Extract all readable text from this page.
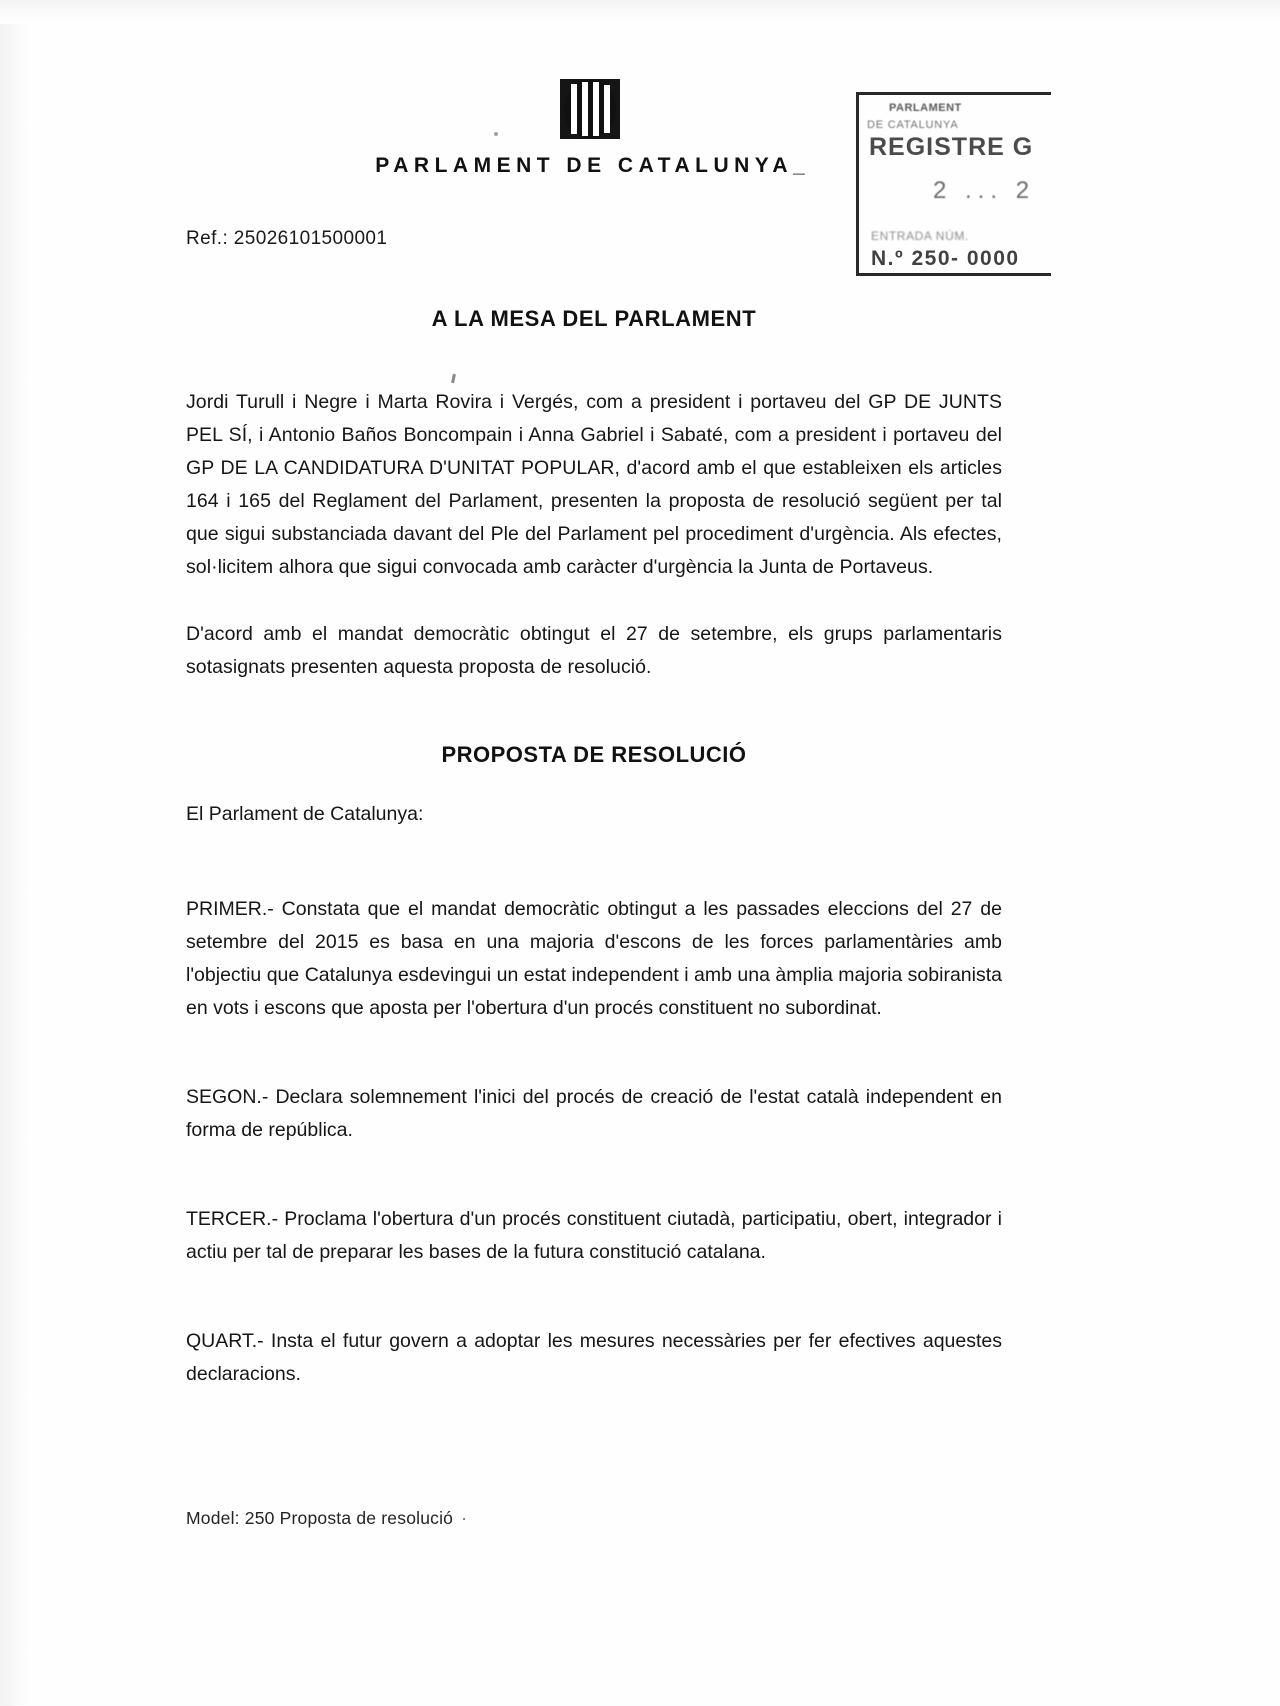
PARLAMENT DE CATALUNYA_
PARLAMENT
DE CATALUNYA
REGISTRE G
2 ... 2
ENTRADA NÚM.
N.º 250- 0000
Ref.: 25026101500001
A LA MESA DEL PARLAMENT

Jordi Turull i Negre i Marta Rovira i Vergés, com a president i portaveu del GP DE JUNTS PEL SÍ, i Antonio Baños Boncompain i Anna Gabriel i Sabaté, com a president i portaveu del GP DE LA CANDIDATURA D'UNITAT POPULAR, d'acord amb el que estableixen els articles 164 i 165 del Reglament del Parlament, presenten la proposta de resolució següent per tal que sigui substanciada davant del Ple del Parlament pel procediment d'urgència. Als efectes, sol·licitem alhora que sigui convocada amb caràcter d'urgència la Junta de Portaveus.

D'acord amb el mandat democràtic obtingut el 27 de setembre, els grups parlamentaris sotasignats presenten aquesta proposta de resolució.

PROPOSTA DE RESOLUCIÓ

El Parlament de Catalunya:

PRIMER.- Constata que el mandat democràtic obtingut a les passades eleccions del 27 de setembre del 2015 es basa en una majoria d'escons de les forces parlamentàries amb l'objectiu que Catalunya esdevingui un estat independent i amb una àmplia majoria sobiranista en vots i escons que aposta per l'obertura d'un procés constituent no subordinat.

SEGON.- Declara solemnement l'inici del procés de creació de l'estat català independent en forma de república.

TERCER.- Proclama l'obertura d'un procés constituent ciutadà, participatiu, obert, integrador i actiu per tal de preparar les bases de la futura constitució catalana.

QUART.- Insta el futur govern a adoptar les mesures necessàries per fer efectives aquestes declaracions.

Model: 250 Proposta de resolució ·
